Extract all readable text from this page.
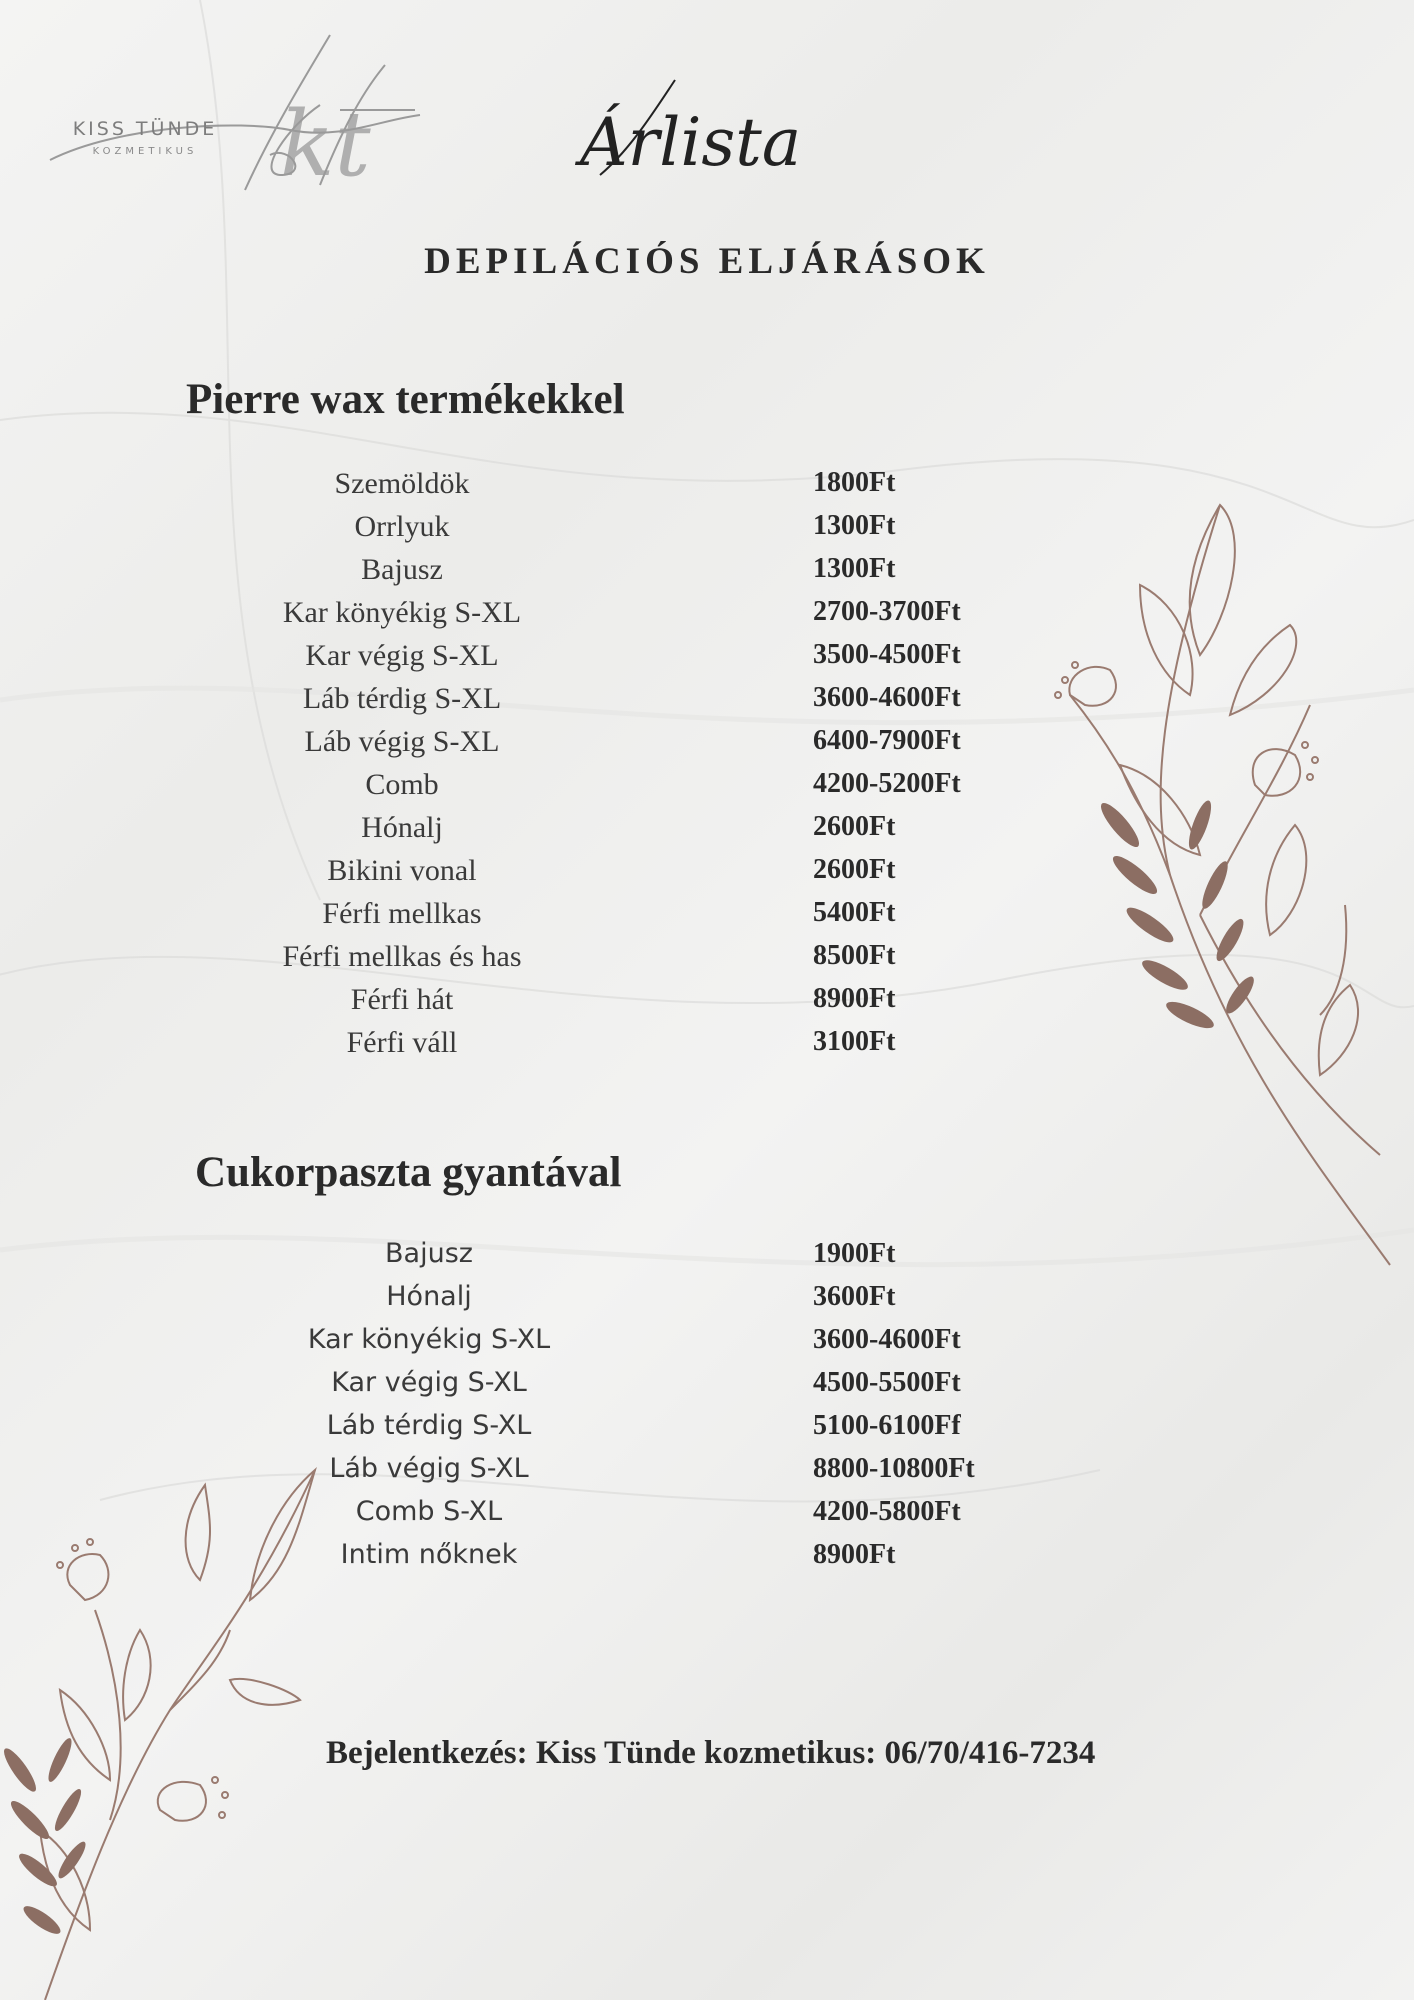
kt
KISS TÜNDE
KOZMETIKUS	Árlista
DEPILÁCIÓS ELJÁRÁSOK
Pierre wax termékekkel
Szemöldök	1800Ft
Orrlyuk	1300Ft
Bajusz	1300Ft
Kar könyékig S-XL	2700-3700Ft
Kar végig S-XL	3500-4500Ft
Láb térdig S-XL	3600-4600Ft
Láb végig S-XL	6400-7900Ft
Comb	4200-5200Ft
Hónalj	2600Ft
Bikini vonal	2600Ft
Férfi mellkas	5400Ft
Férfi mellkas és has	8500Ft
Férfi hát	8900Ft
Férfi váll	3100Ft
Cukorpaszta gyantával
Bajusz	1900Ft
Hónalj	3600Ft
Kar könyékig S-XL	3600-4600Ft
Kar végig S-XL	4500-5500Ft
Láb térdig S-XL	5100-6100Ff
Láb végig S-XL	8800-10800Ft
Comb S-XL	4200-5800Ft
Intim nőknek	8900Ft
Bejelentkezés: Kiss Tünde kozmetikus: 06/70/416-7234
